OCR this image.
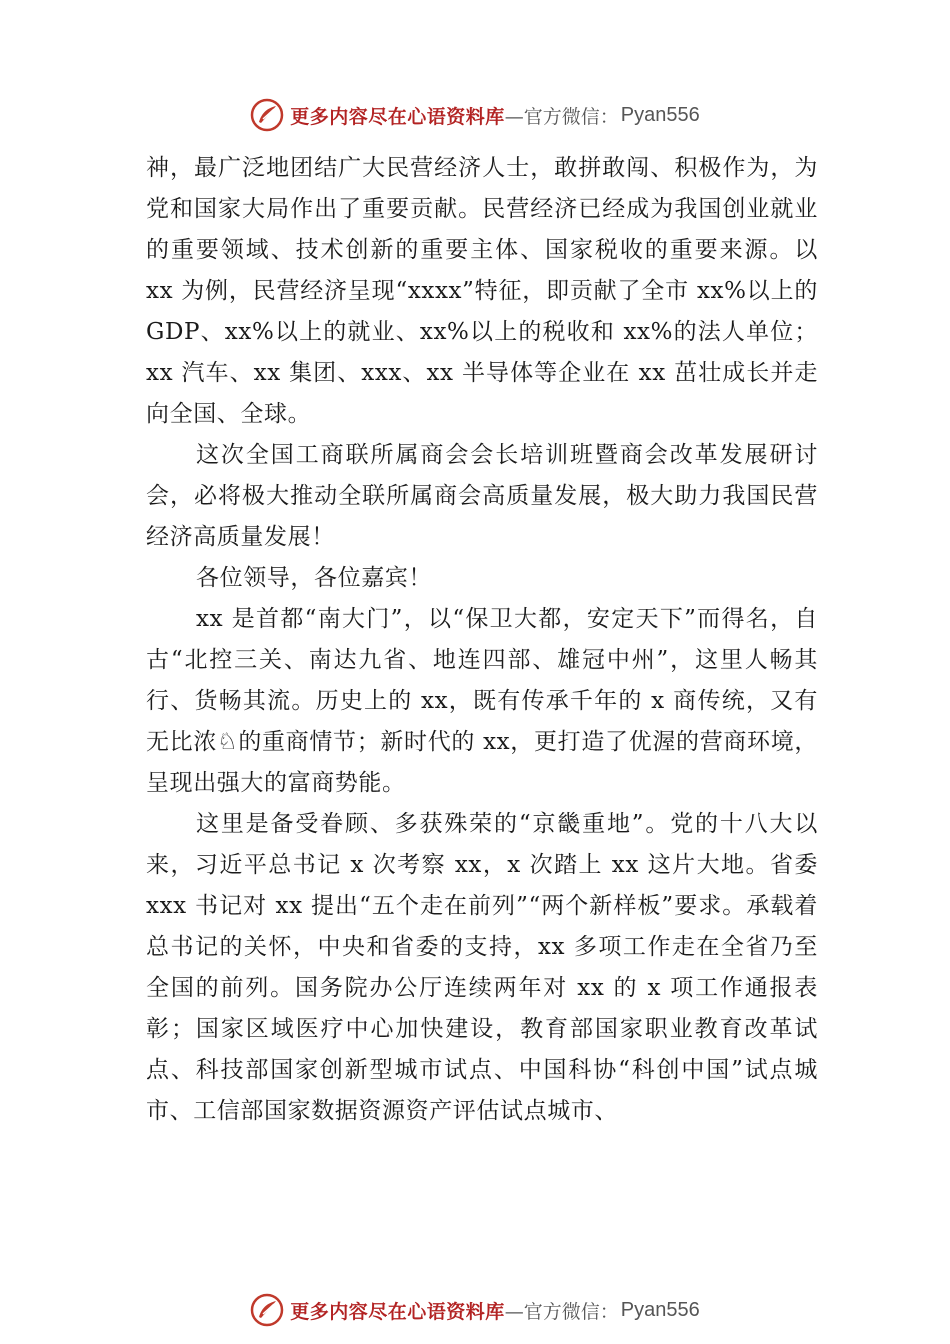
更多内容尽在心语资料库 —官方微信： Pyan556

神，最广泛地团结广大民营经济人士，敢拼敢闯、积极作为，为党和国家大局作出了重要贡献。民营经济已经成为我国创业就业的重要领域、技术创新的重要主体、国家税收的重要来源。以 xx 为例，民营经济呈现“xxxx”特征，即贡献了全市 xx%以上的 GDP、xx%以上的就业、xx%以上的税收和 xx%的法人单位；xx 汽车、xx 集团、xxx、xx 半导体等企业在 xx 茁壮成长并走向全国、全球。

这次全国工商联所属商会会长培训班暨商会改革发展研讨会，必将极大推动全联所属商会高质量发展，极大助力我国民营经济高质量发展！

各位领导，各位嘉宾！

xx 是首都“南大门”，以“保卫大都，安定天下”而得名，自古“北控三关、南达九省、地连四部、雄冠中州”，这里人畅其行、货畅其流。历史上的 xx，既有传承千年的 x 商传统，又有无比浓♘的重商情节；新时代的 xx，更打造了优渥的营商环境，呈现出强大的富商势能。

这里是备受眷顾、多获殊荣的“京畿重地”。党的十八大以来，习近平总书记 x 次考察 xx，x 次踏上 xx 这片大地。省委 xxx 书记对 xx 提出“五个走在前列”“两个新样板”要求。承载着总书记的关怀，中央和省委的支持，xx 多项工作走在全省乃至全国的前列。国务院办公厅连续两年对 xx 的 x 项工作通报表彰；国家区域医疗中心加快建设，教育部国家职业教育改革试点、科技部国家创新型城市试点、中国科协“科创中国”试点城市、工信部国家数据资源资产评估试点城市、

更多内容尽在心语资料库 —官方微信： Pyan556
